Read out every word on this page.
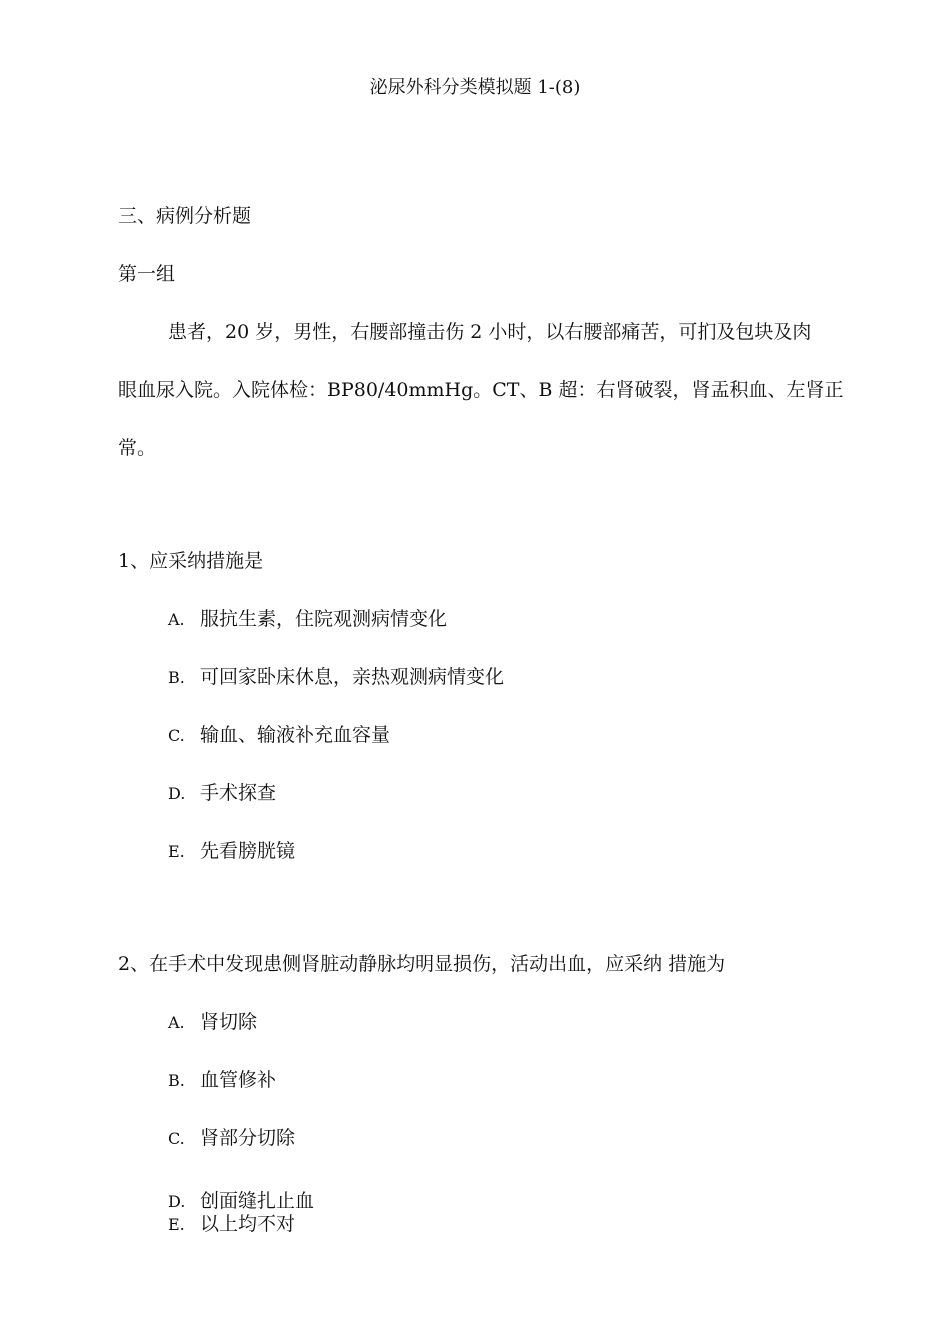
泌尿外科分类模拟题 1-(8)
三、病例分析题
第一组
患者，20 岁，男性，右腰部撞击伤 2 小时，以右腰部痛苦，可扪及包块及肉
眼血尿入院。入院体检：BP80/40mmHg。CT、B 超：右肾破裂，肾盂积血、左肾正
常。
1、应采纳措施是
A. 服抗生素，住院观测病情变化
B. 可回家卧床休息，亲热观测病情变化
C. 输血、输液补充血容量
D. 手术探查
E. 先看膀胱镜
2、在手术中发现患侧肾脏动静脉均明显损伤，活动出血，应采纳 措施为
A. 肾切除
B. 血管修补
C. 肾部分切除
D. 创面缝扎止血
E. 以上均不对
